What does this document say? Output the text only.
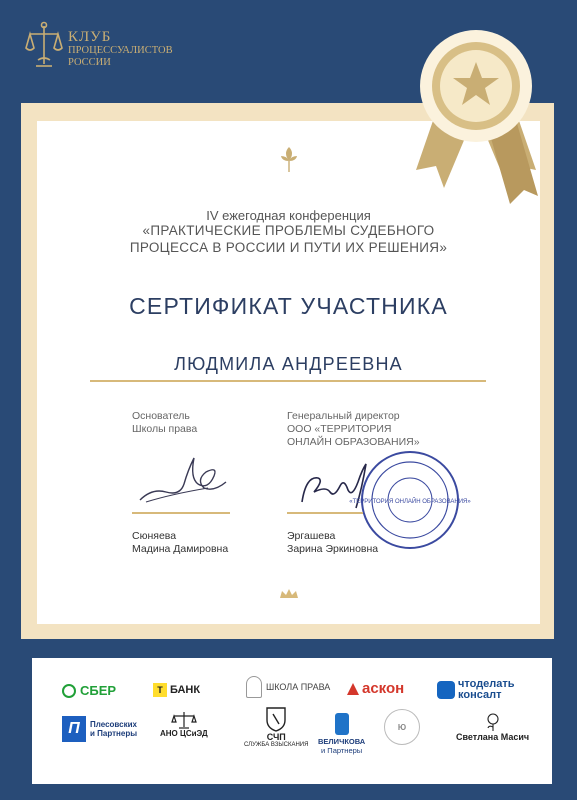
КЛУБ
ПРОЦЕССУАЛИСТОВ
РОССИИ
IV ежегодная конференция
«ПРАКТИЧЕСКИЕ ПРОБЛЕМЫ СУДЕБНОГО
ПРОЦЕССА В РОССИИ И ПУТИ ИХ РЕШЕНИЯ»
СЕРТИФИКАТ УЧАСТНИКА
ЛЮДМИЛА АНДРЕЕВНА
Основатель
Школы права
Генеральный директор
ООО «ТЕРРИТОРИЯ
ОНЛАЙН ОБРАЗОВАНИЯ»
«ТЕРРИТОРИЯ ОНЛАЙН ОБРАЗОВАНИЯ»
Сюняева
Мадина Дамировна
Эргашева
Зарина Эркиновна
СБЕР	Т БАНК	ШКОЛА ПРАВА аскон	чтоделать
консалт
П	Плесовских
и Партнеры	АНО ЦСиЭД	СЧП
СЛУЖБА ВЗЫСКАНИЯ ВЕЛИЧКОВА
и Партнеры
Ю
Светлана Масич
